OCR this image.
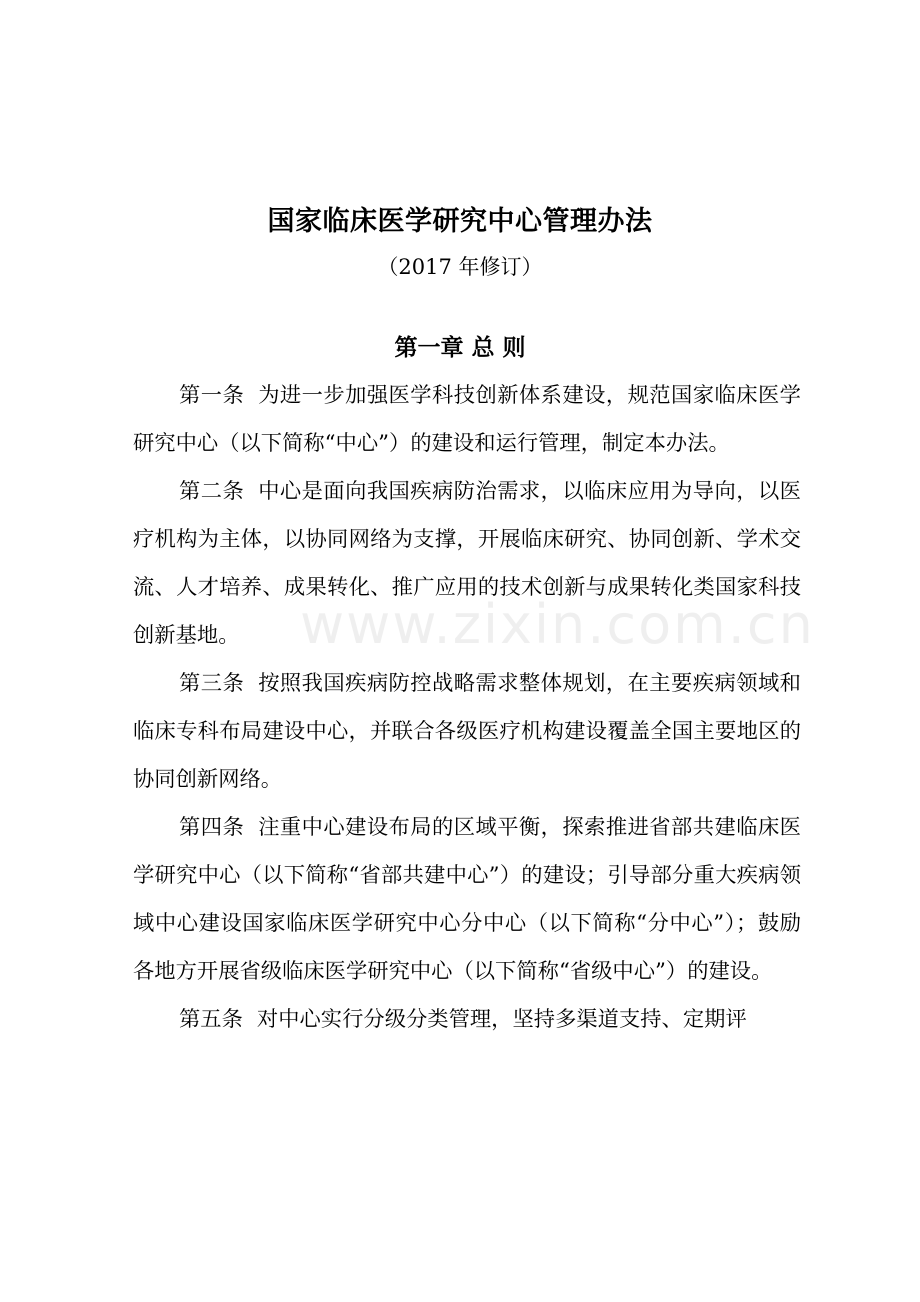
www.zixin.com.cn
国家临床医学研究中心管理办法
（2017 年修订）
第一章 总 则

第一条 为进一步加强医学科技创新体系建设，规范国家临床医学研究中心（以下简称“中心”）的建设和运行管理，制定本办法。

第二条 中心是面向我国疾病防治需求，以临床应用为导向，以医疗机构为主体，以协同网络为支撑，开展临床研究、协同创新、学术交流、人才培养、成果转化、推广应用的技术创新与成果转化类国家科技创新基地。

第三条 按照我国疾病防控战略需求整体规划，在主要疾病领域和临床专科布局建设中心，并联合各级医疗机构建设覆盖全国主要地区的协同创新网络。

第四条 注重中心建设布局的区域平衡，探索推进省部共建临床医学研究中心（以下简称“省部共建中心”）的建设；引导部分重大疾病领域中心建设国家临床医学研究中心分中心（以下简称“分中心”）；鼓励各地方开展省级临床医学研究中心（以下简称“省级中心”）的建设。

第五条 对中心实行分级分类管理，坚持多渠道支持、定期评
